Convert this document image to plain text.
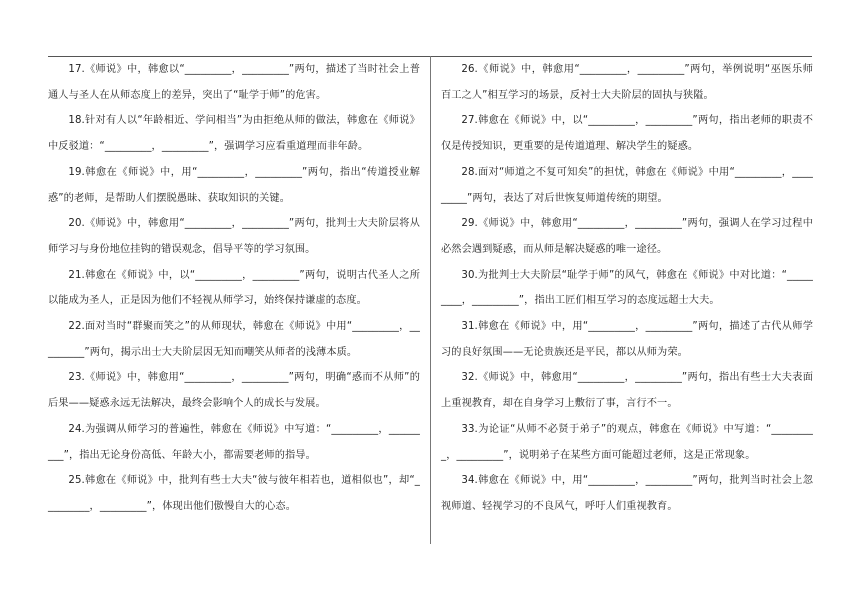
17.《师说》中，韩愈以“_________，_________”两句，描述了当时社会上普通人与圣人在从师态度上的差异，突出了“耻学于师”的危害。

18.针对有人以“年龄相近、学问相当”为由拒绝从师的做法，韩愈在《师说》中反驳道：“_________，_________”，强调学习应看重道理而非年龄。

19.韩愈在《师说》中，用“_________，_________”两句，指出“传道授业解惑”的老师，是帮助人们摆脱愚昧、获取知识的关键。

20.《师说》中，韩愈用“_________，_________”两句，批判士大夫阶层将从师学习与身份地位挂钩的错误观念，倡导平等的学习氛围。

21.韩愈在《师说》中，以“_________，_________”两句，说明古代圣人之所以能成为圣人，正是因为他们不轻视从师学习，始终保持谦虚的态度。

22.面对当时“群聚而笑之”的从师现状，韩愈在《师说》中用“_________，_________”两句，揭示出士大夫阶层因无知而嘲笑从师者的浅薄本质。

23.《师说》中，韩愈用“_________，_________”两句，明确“惑而不从师”的后果——疑惑永远无法解决，最终会影响个人的成长与发展。

24.为强调从师学习的普遍性，韩愈在《师说》中写道：“_________，_________”，指出无论身份高低、年龄大小，都需要老师的指导。

25.韩愈在《师说》中，批判有些士大夫“彼与彼年相若也，道相似也”，却“_________，_________”，体现出他们傲慢自大的心态。

26.《师说》中，韩愈用“_________，_________”两句，举例说明“巫医乐师百工之人”相互学习的场景，反衬士大夫阶层的固执与狭隘。

27.韩愈在《师说》中，以“_________，_________”两句，指出老师的职责不仅是传授知识，更重要的是传道道理、解决学生的疑惑。

28.面对“师道之不复可知矣”的担忧，韩愈在《师说》中用“_________，_________”两句，表达了对后世恢复师道传统的期望。

29.《师说》中，韩愈用“_________，_________”两句，强调人在学习过程中必然会遇到疑惑，而从师是解决疑惑的唯一途径。

30.为批判士大夫阶层“耻学于师”的风气，韩愈在《师说》中对比道：“_________，_________”，指出工匠们相互学习的态度远超士大夫。

31.韩愈在《师说》中，用“_________，_________”两句，描述了古代从师学习的良好氛围——无论贵族还是平民，都以从师为荣。

32.《师说》中，韩愈用“_________，_________”两句，指出有些士大夫表面上重视教育，却在自身学习上敷衍了事，言行不一。

33.为论证“从师不必贤于弟子”的观点，韩愈在《师说》中写道：“_________，_________”，说明弟子在某些方面可能超过老师，这是正常现象。

34.韩愈在《师说》中，用“_________，_________”两句，批判当时社会上忽视师道、轻视学习的不良风气，呼吁人们重视教育。
